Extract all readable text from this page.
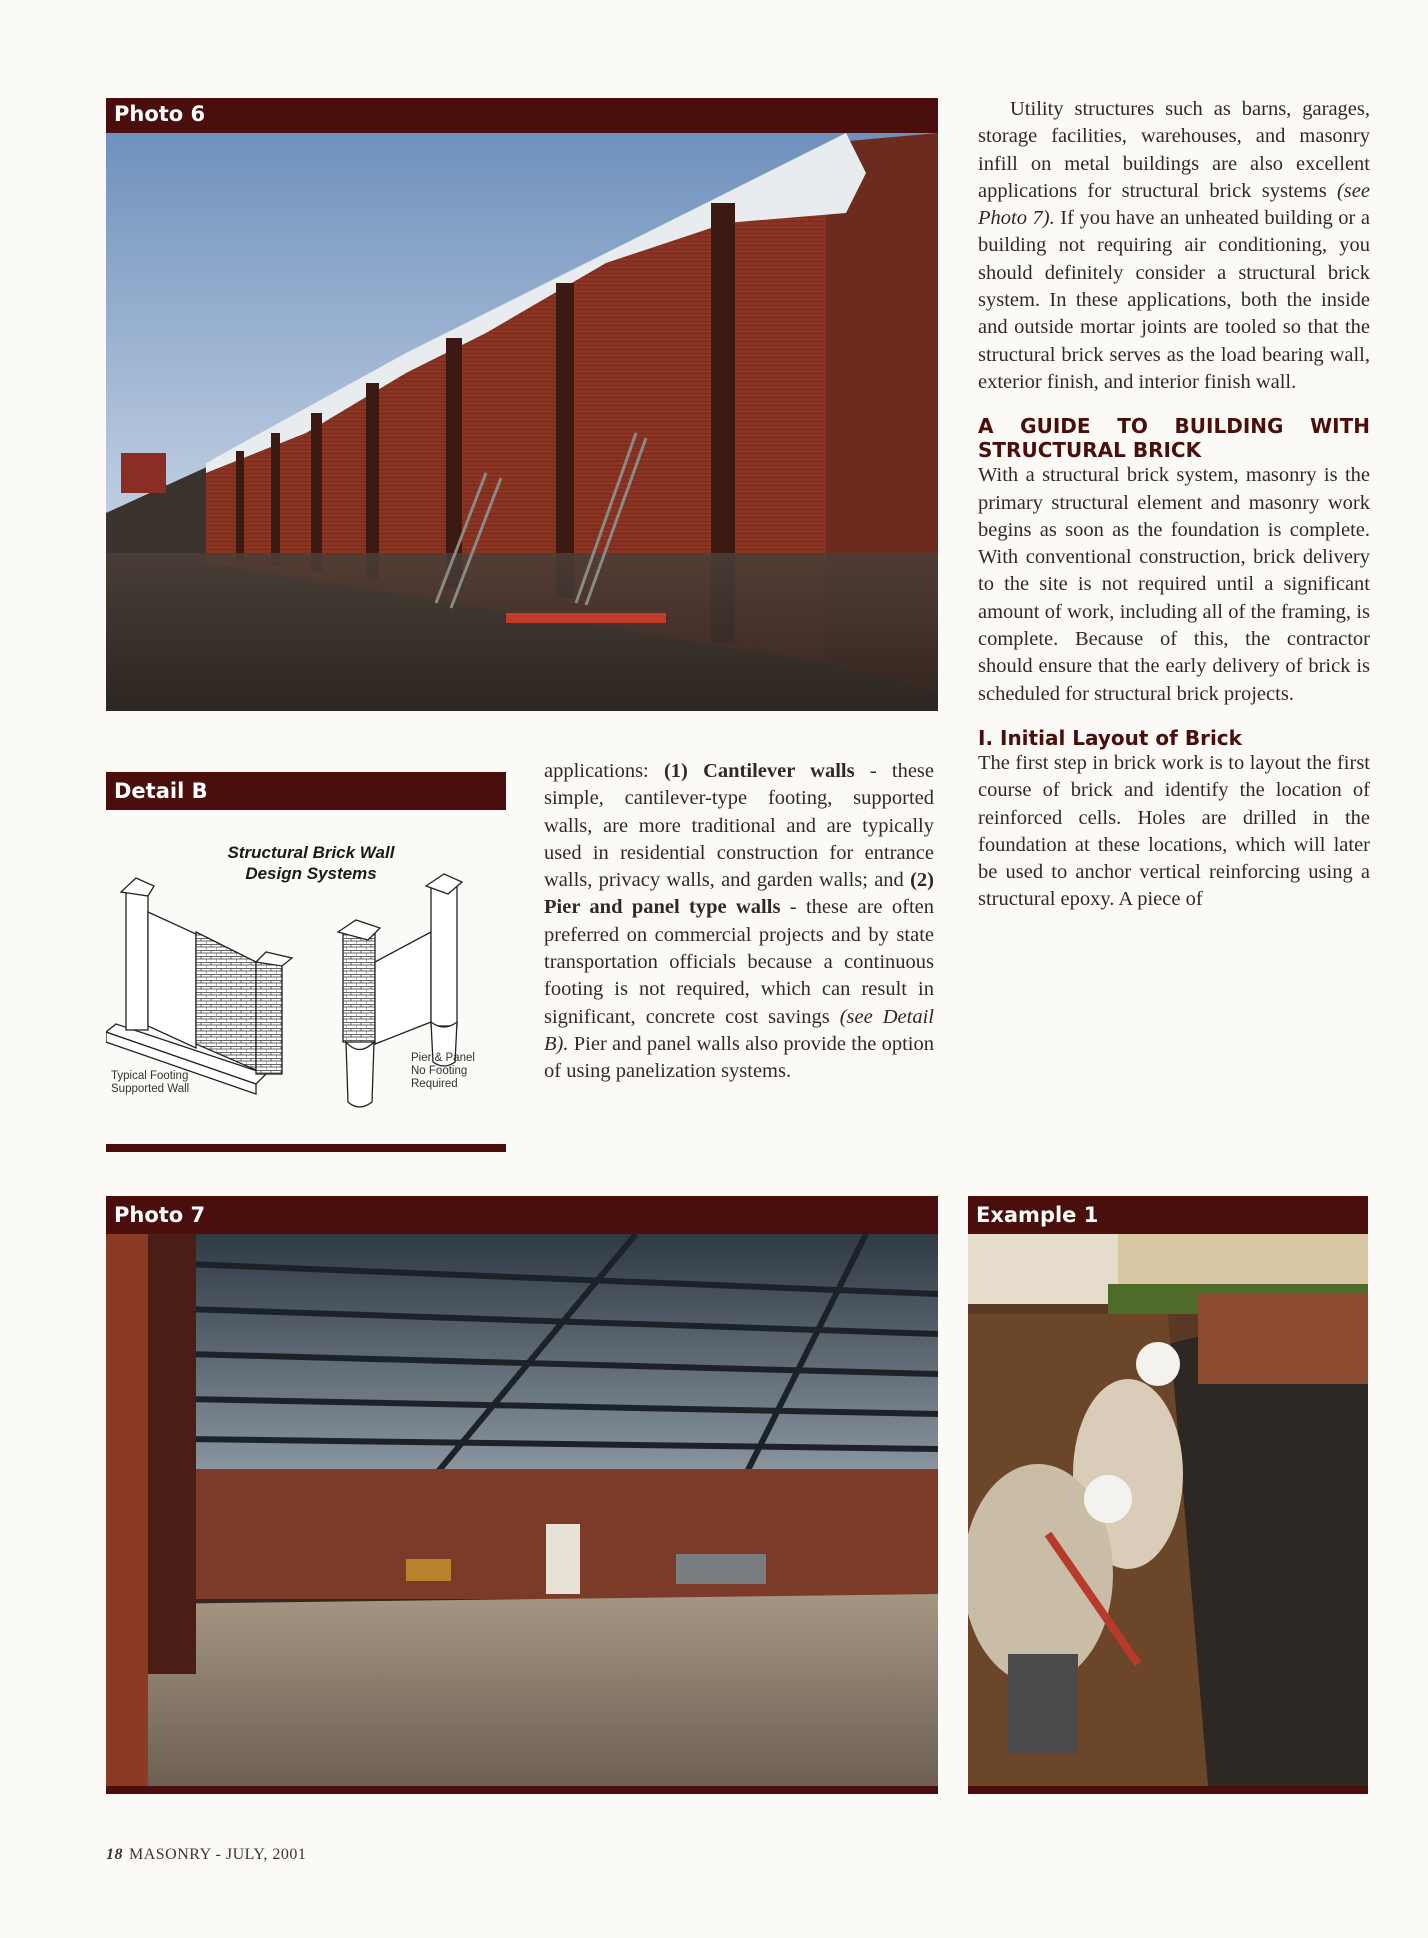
Photo 6
Detail B
Structural Brick Wall
Design Systems
Typical Footing
Supported Wall
Pier & Panel
No Footing
Required

applications: (1) Cantilever walls - these simple, cantilever-type footing, supported walls, are more traditional and are typically used in residential construction for entrance walls, privacy walls, and garden walls; and (2) Pier and panel type walls - these are often preferred on commercial projects and by state transportation officials because a continuous footing is not required, which can result in significant, concrete cost savings (see Detail B). Pier and panel walls also provide the option of using panelization systems.

Utility structures such as barns, garages, storage facilities, warehouses, and masonry infill on metal buildings are also excellent applications for structural brick systems (see Photo 7). If you have an unheated building or a building not requiring air conditioning, you should definitely consider a structural brick system. In these applications, both the inside and outside mortar joints are tooled so that the structural brick serves as the load bearing wall, exterior finish, and interior finish wall.

A GUIDE TO BUILDING WITH STRUCTURAL BRICK

With a structural brick system, masonry is the primary structural element and masonry work begins as soon as the foundation is complete. With conventional construction, brick delivery to the site is not required until a significant amount of work, including all of the framing, is complete. Because of this, the contractor should ensure that the early delivery of brick is scheduled for structural brick projects.

I. Initial Layout of Brick

The first step in brick work is to layout the first course of brick and identify the location of reinforced cells. Holes are drilled in the foundation at these locations, which will later be used to anchor vertical reinforcing using a structural epoxy. A piece of

Photo 7	Example 1
18 MASONRY - JULY, 2001
